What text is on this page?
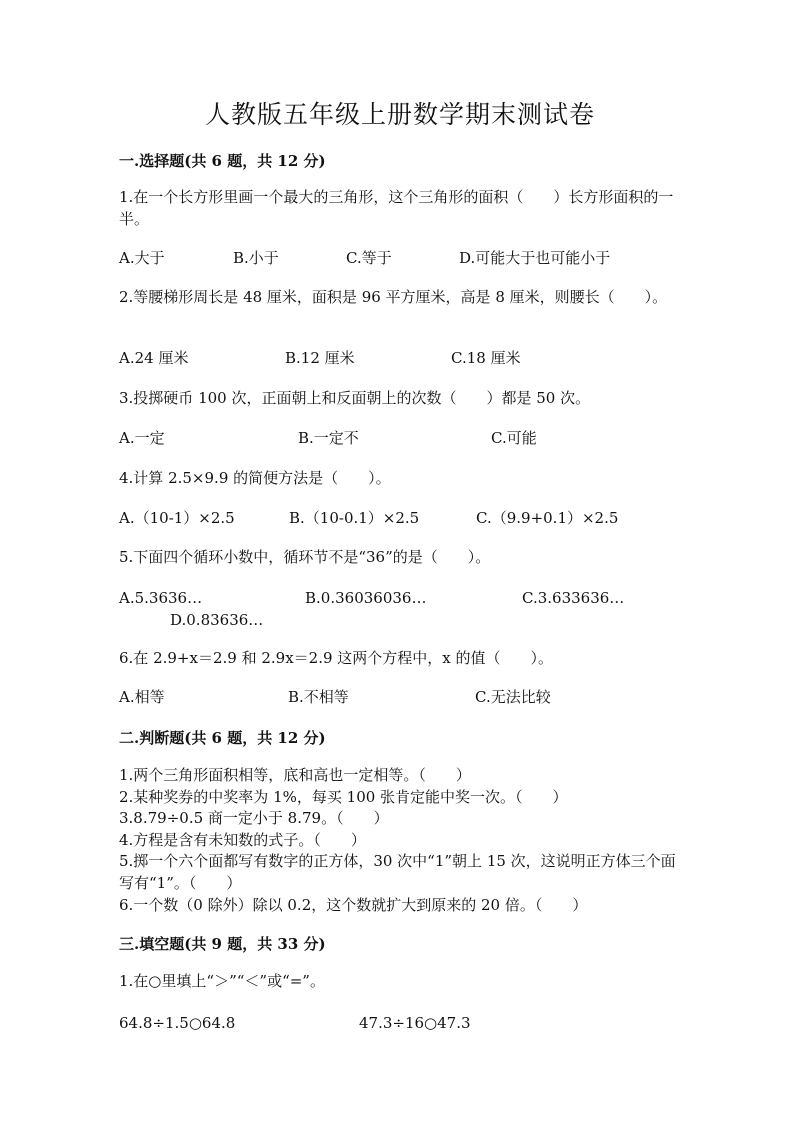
人教版五年级上册数学期末测试卷
一.选择题(共 6 题，共 12 分)
1.在一个长方形里画一个最大的三角形，这个三角形的面积（　　）长方形面积的一半。
A.大于	B.小于	C.等于	D.可能大于也可能小于
2.等腰梯形周长是 48 厘米，面积是 96 平方厘米，高是 8 厘米，则腰长（　　）。
A.24 厘米	B.12 厘米	C.18 厘米
3.投掷硬币 100 次，正面朝上和反面朝上的次数（　　）都是 50 次。
A.一定	B.一定不	C.可能
4.计算 2.5×9.9 的简便方法是（　　）。
A.（10-1）×2.5	B.（10-0.1）×2.5	C.（9.9+0.1）×2.5
5.下面四个循环小数中，循环节不是“36”的是（　　）。
A.5.3636…	B.0.36036036…	C.3.633636…
D.0.83636…
6.在 2.9+x＝2.9 和 2.9x＝2.9 这两个方程中，x 的值（　　）。
A.相等	B.不相等	C.无法比较
二.判断题(共 6 题，共 12 分)
1.两个三角形面积相等，底和高也一定相等。（　　）
2.某种奖券的中奖率为 1%，每买 100 张肯定能中奖一次。（　　）
3.8.79÷0.5 商一定小于 8.79。（　　）
4.方程是含有未知数的式子。（　　）
5.掷一个六个面都写有数字的正方体，30 次中“1”朝上 15 次，这说明正方体三个面写有“1”。（　　）
6.一个数（0 除外）除以 0.2，这个数就扩大到原来的 20 倍。（　　）
三.填空题(共 9 题，共 33 分)
1.在○里填上“＞”“＜”或“=”。
64.8÷1.5○64.8	47.3÷16○47.3
